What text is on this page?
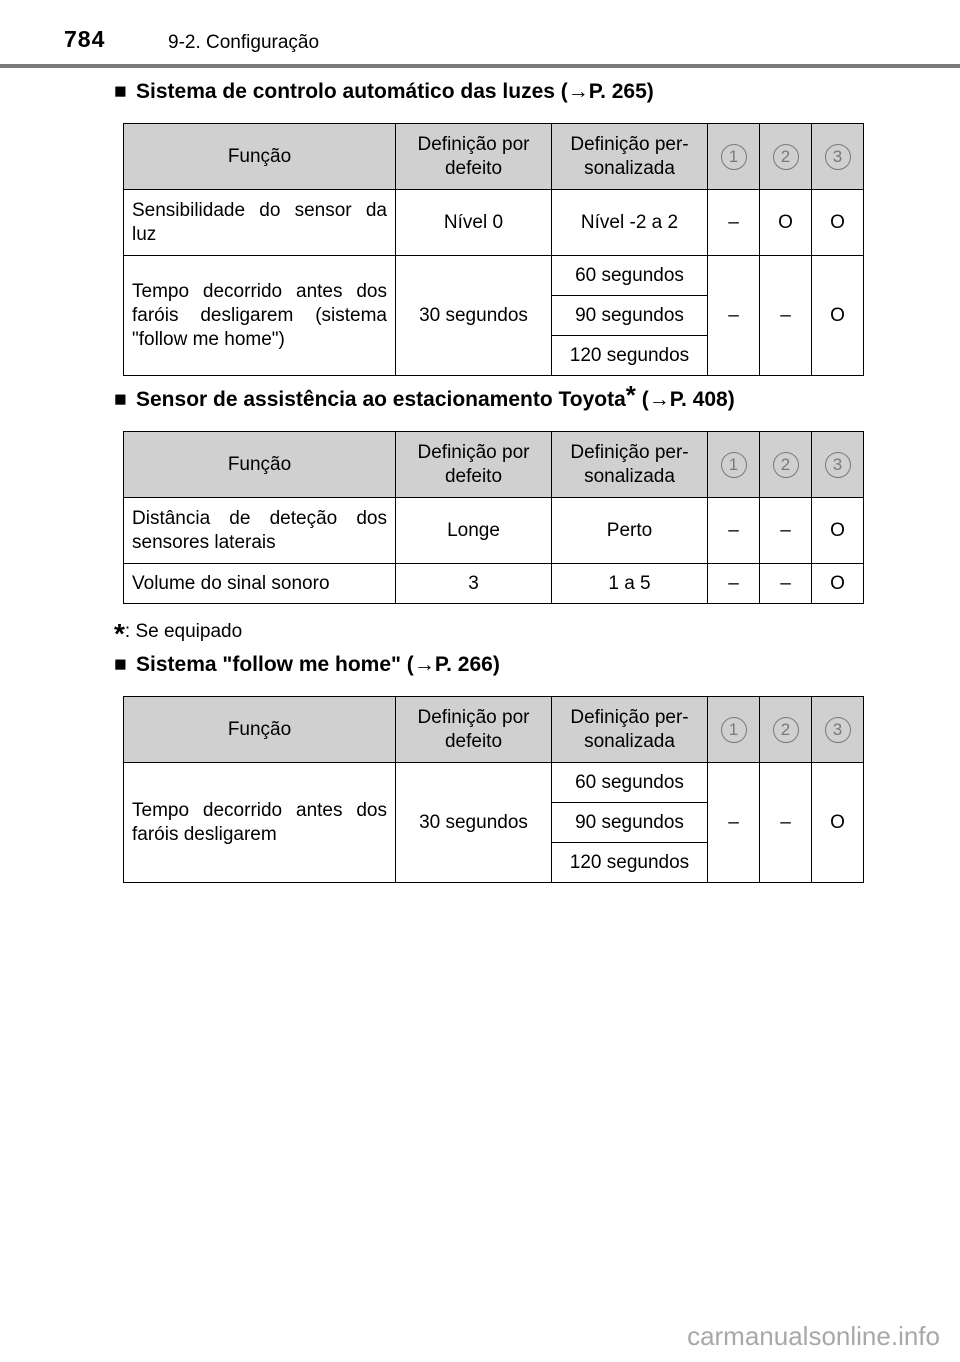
784	9-2. Configuração
■ Sistema de controlo automático das luzes (→P. 265)
Função	Definição por defeito	Definição per-sonalizada	1	2	3
Sensibilidade do sensor da luz	Nível 0	Nível -2 a 2	–	O	O
Tempo decorrido antes dos faróis desligarem (sistema "follow me home")	30 segundos	60 segundos	–	–	O
		90 segundos			
		120 segundos			
■ Sensor de assistência ao estacionamento Toyota* (→P. 408)
Função	Definição por defeito	Definição per-sonalizada	1	2	3
Distância de deteção dos sensores laterais	Longe	Perto	–	–	O
Volume do sinal sonoro	3	1 a 5	–	–	O
*: Se equipado
■ Sistema "follow me home" (→P. 266)
Função	Definição por defeito	Definição per-sonalizada	1	2	3
Tempo decorrido antes dos faróis desligarem	30 segundos	60 segundos	–	–	O
		90 segundos			
		120 segundos			
carmanualsonline.info
